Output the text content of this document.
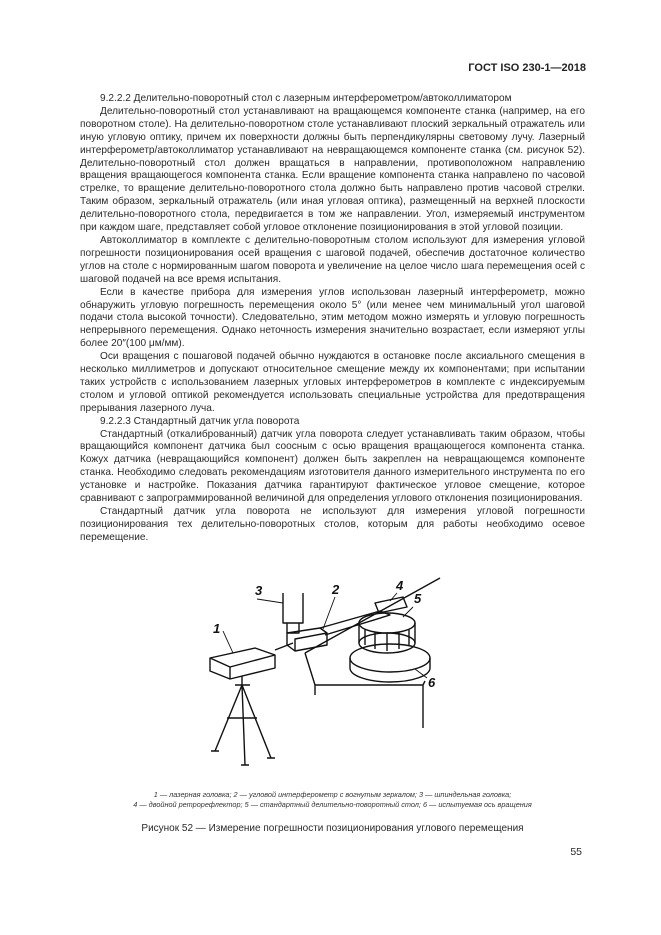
ГОСТ ISO 230-1—2018

9.2.2.2 Делительно-поворотный стол с лазерным интерферометром/автоколлиматором

Делительно-поворотный стол устанавливают на вращающемся компоненте станка (например, на его поворотном столе). На делительно-поворотном столе устанавливают плоский зеркальный отражатель или иную угловую оптику, причем их поверхности должны быть перпендикулярны световому лучу. Лазерный интерферометр/автоколлиматор устанавливают на невращающемся компоненте станка (см. рисунок 52). Делительно-поворотный стол должен вращаться в направлении, противоположном направлению вращения вращающегося компонента станка. Если вращение компонента станка направлено по часовой стрелке, то вращение делительно-поворотного стола должно быть направлено против часовой стрелки. Таким образом, зеркальный отражатель (или иная угловая оптика), размещенный на верхней плоскости делительно-поворотного стола, передвигается в том же направлении. Угол, измеряемый инструментом при каждом шаге, представляет собой угловое отклонение позиционирования в этой угловой позиции.

Автоколлиматор в комплекте с делительно-поворотным столом используют для измерения угловой погрешности позиционирования осей вращения с шаговой подачей, обеспечив достаточное количество углов на столе с нормированным шагом поворота и увеличение на целое число шага перемещения осей с шаговой подачей на все время испытания.

Если в качестве прибора для измерения углов использован лазерный интерферометр, можно обнаружить угловую погрешность перемещения около 5° (или менее чем минимальный угол шаговой подачи стола высокой точности). Следовательно, этим методом можно измерять и угловую погрешность непрерывного перемещения. Однако неточность измерения значительно возрастает, если измеряют углы более 20″(100 μм/мм).

Оси вращения с пошаговой подачей обычно нуждаются в остановке после аксиального смещения в несколько миллиметров и допускают относительное смещение между их компонентами; при испытании таких устройств с использованием лазерных угловых интерферометров в комплекте с индексируемым столом и угловой оптикой рекомендуется использовать специальные устройства для предотвращения прерывания лазерного луча.

9.2.2.3 Стандартный датчик угла поворота

Стандартный (откалиброванный) датчик угла поворота следует устанавливать таким образом, чтобы вращающийся компонент датчика был соосным с осью вращения вращающегося компонента станка. Кожух датчика (невращающийся компонент) должен быть закреплен на невращающемся компоненте станка. Необходимо следовать рекомендациям изготовителя данного измерительного инструмента по его установке и настройке. Показания датчика гарантируют фактическое угловое смещение, которое сравнивают с запрограммированной величиной для определения углового отклонения позиционирования.

Стандартный датчик угла поворота не используют для измерения угловой погрешности позиционирования тех делительно-поворотных столов, которым для работы необходимо осевое перемещение.

3	2	4
5
1
6
1 — лазерная головка; 2 — угловой интерферометр с вогнутым зеркалом; 3 — шпиндельная головка;
4 — двойной ретрорефлектор; 5 — стандартный делительно-поворотный стол; 6 — испытуемая ось вращения
Рисунок 52 — Измерение погрешности позиционирования углового перемещения
55
